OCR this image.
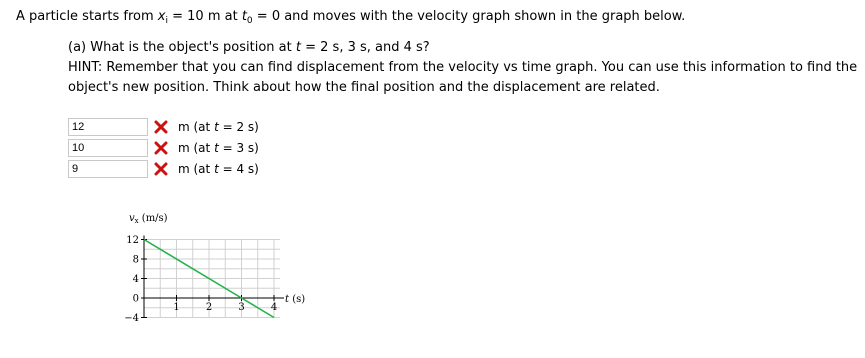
A particle starts from $x_i = 10$ m at $t_0 = 0$ and moves with the velocity graph shown in the graph below.
(a) What is the object's position at t = 2 s, 3 s, and 4 s?
HINT: Remember that you can find displacement from the velocity vs time graph. You can use this information to find the object's new position. Think about how the final position and the displacement are related.
12
m (at t = 2 s)
10
m (at t = 3 s)
9
m (at t = 4 s)
$v_x$ (m/s)
t (s)
12
8
4
0
−4
1	2	3	4
